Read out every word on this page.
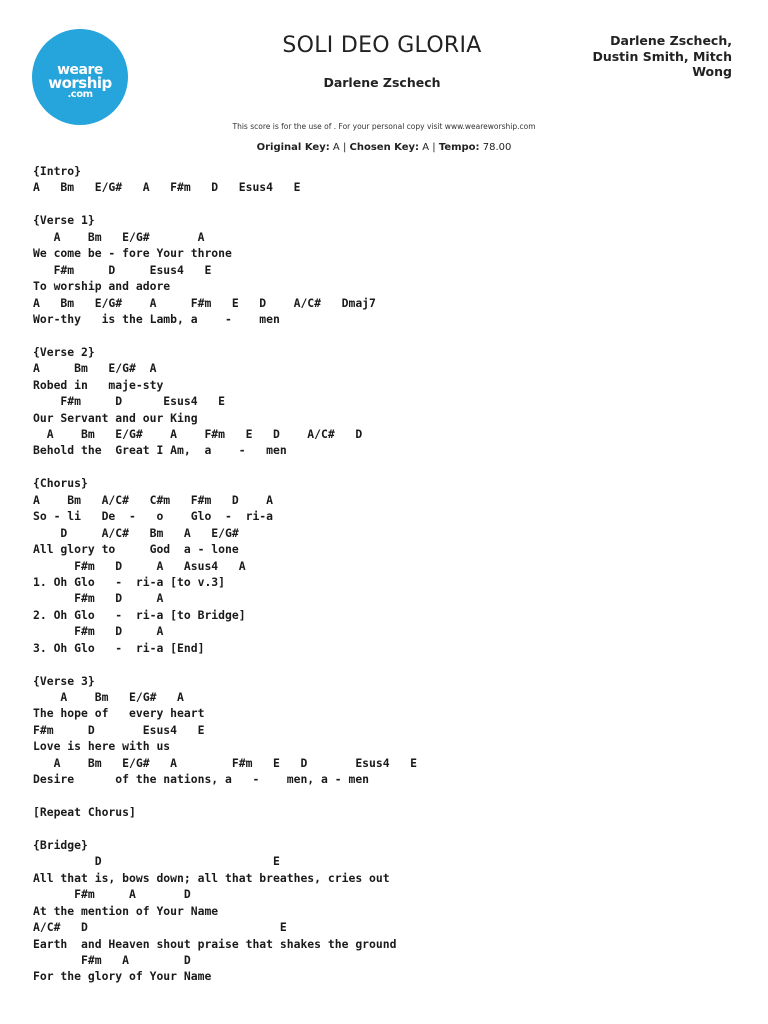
weare
worship
.com
SOLI DEO GLORIA
Darlene Zschech
Darlene Zschech,
Dustin Smith, Mitch
Wong
This score is for the use of . For your personal copy visit www.weareworship.com
Original Key: A | Chosen Key: A | Tempo: 78.00
{Intro}
A   Bm   E/G#   A   F#m   D   Esus4   E
{Verse 1}
A    Bm   E/G#       A
We come be - fore Your throne
F#m     D     Esus4   E
To worship and adore
A   Bm   E/G#    A     F#m   E   D    A/C#   Dmaj7
Wor-thy   is the Lamb, a    -    men
{Verse 2}
A     Bm   E/G#  A
Robed in   maje-sty
F#m     D      Esus4   E
Our Servant and our King
A    Bm   E/G#    A    F#m   E   D    A/C#   D
Behold the  Great I Am,  a    -   men
{Chorus}
A    Bm   A/C#   C#m   F#m   D    A
So - li   De  -   o    Glo  -  ri-a
D     A/C#   Bm   A   E/G#
All glory to     God  a - lone
F#m   D     A   Asus4   A
1. Oh Glo   -  ri-a [to v.3]
F#m   D     A
2. Oh Glo   -  ri-a [to Bridge]
F#m   D     A
3. Oh Glo   -  ri-a [End]
{Verse 3}
A    Bm   E/G#   A
The hope of   every heart
F#m     D       Esus4   E
Love is here with us
A    Bm   E/G#   A        F#m   E   D       Esus4   E
Desire      of the nations, a   -    men, a - men
[Repeat Chorus]
{Bridge}
D                         E
All that is, bows down; all that breathes, cries out
F#m     A       D
At the mention of Your Name
A/C#   D                            E
Earth  and Heaven shout praise that shakes the ground
F#m   A        D
For the glory of Your Name
